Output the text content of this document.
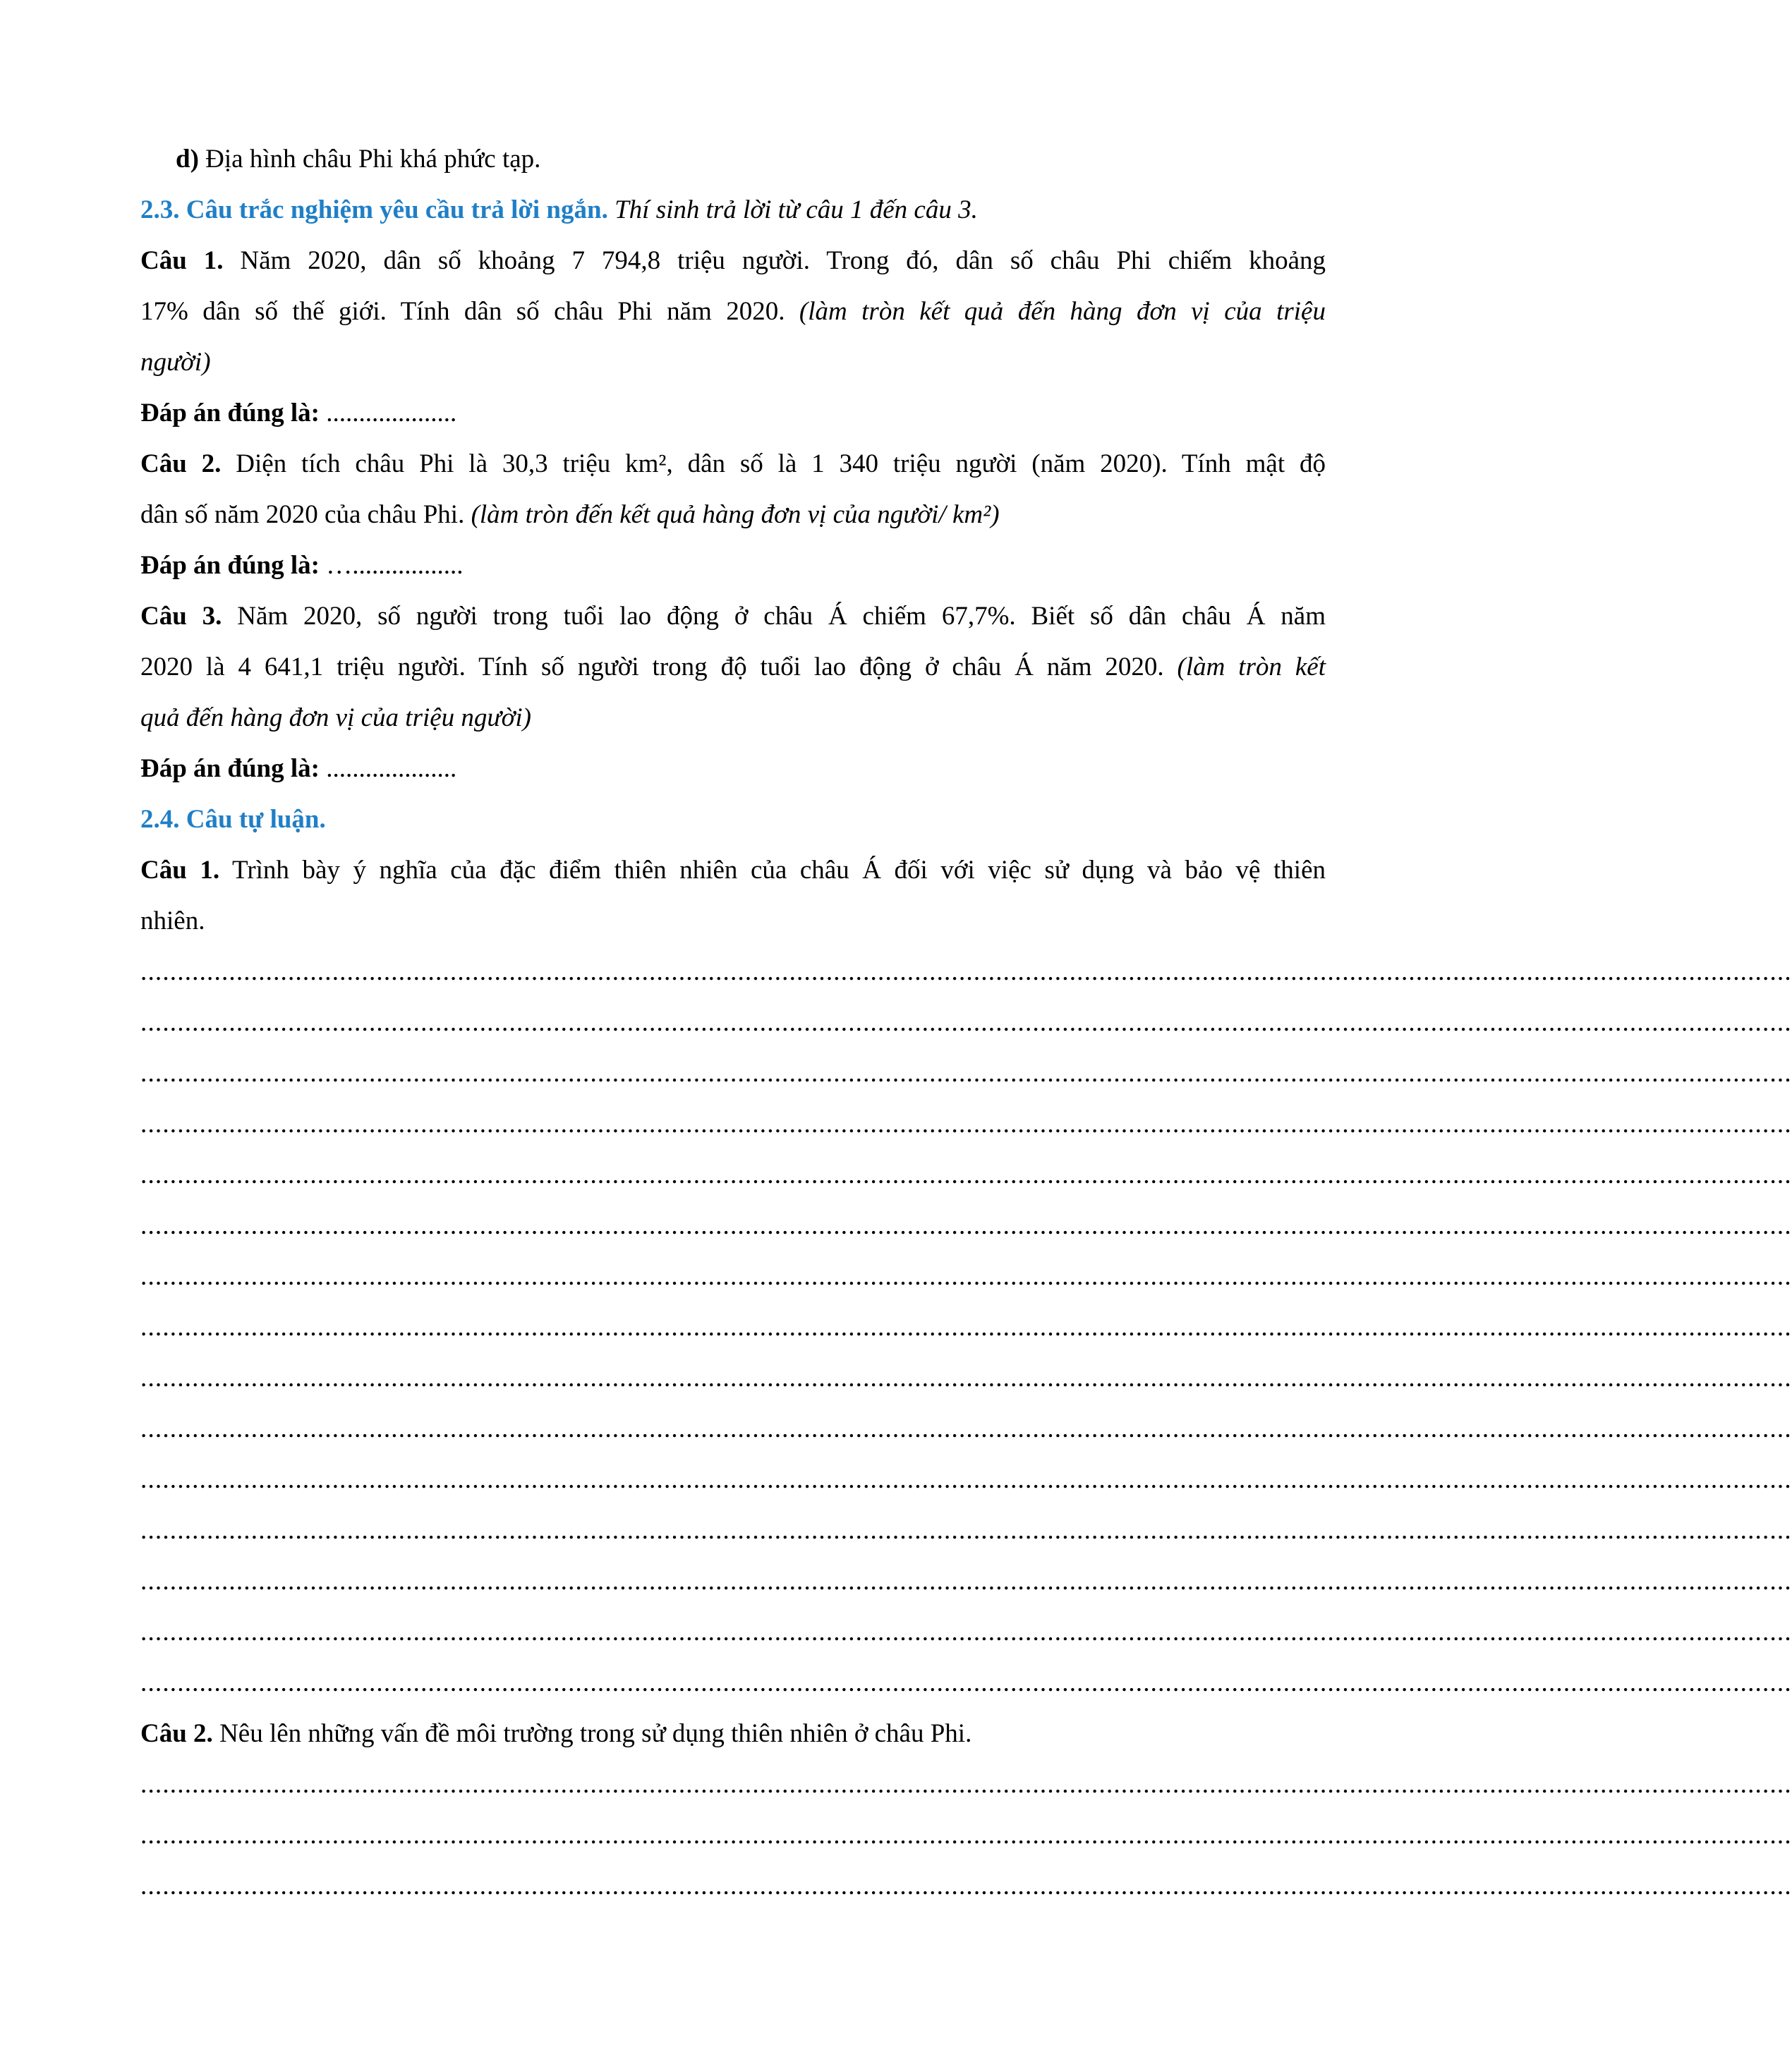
d) Địa hình châu Phi khá phức tạp.
2.3. Câu trắc nghiệm yêu cầu trả lời ngắn. Thí sinh trả lời từ câu 1 đến câu 3.
Câu 1. Năm 2020, dân số khoảng 7 794,8 triệu người. Trong đó, dân số châu Phi chiếm khoảng
17% dân số thế giới. Tính dân số châu Phi năm 2020. (làm tròn kết quả đến hàng đơn vị của triệu
người)
Đáp án đúng là: ....................
Câu 2. Diện tích châu Phi là 30,3 triệu km², dân số là 1 340 triệu người (năm 2020). Tính mật độ
dân số năm 2020 của châu Phi. (làm tròn đến kết quả hàng đơn vị của người/ km²)
Đáp án đúng là: ….................
Câu 3. Năm 2020, số người trong tuổi lao động ở châu Á chiếm 67,7%. Biết số dân châu Á năm
2020 là 4 641,1 triệu người. Tính số người trong độ tuổi lao động ở châu Á năm 2020. (làm tròn kết
quả đến hàng đơn vị của triệu người)
Đáp án đúng là: ....................
2.4. Câu tự luận.
Câu 1. Trình bày ý nghĩa của đặc điểm thiên nhiên của châu Á đối với việc sử dụng và bảo vệ thiên
nhiên.
................................................................................................................................................................................................................................
................................................................................................................................................................................................................................
................................................................................................................................................................................................................................
................................................................................................................................................................................................................................
................................................................................................................................................................................................................................
................................................................................................................................................................................................................................
................................................................................................................................................................................................................................
................................................................................................................................................................................................................................
................................................................................................................................................................................................................................
................................................................................................................................................................................................................................
................................................................................................................................................................................................................................
................................................................................................................................................................................................................................
................................................................................................................................................................................................................................
................................................................................................................................................................................................................................
................................................................................................................................................................................................................................
Câu 2. Nêu lên những vấn đề môi trường trong sử dụng thiên nhiên ở châu Phi.
................................................................................................................................................................................................................................
................................................................................................................................................................................................................................
................................................................................................................................................................................................................................
